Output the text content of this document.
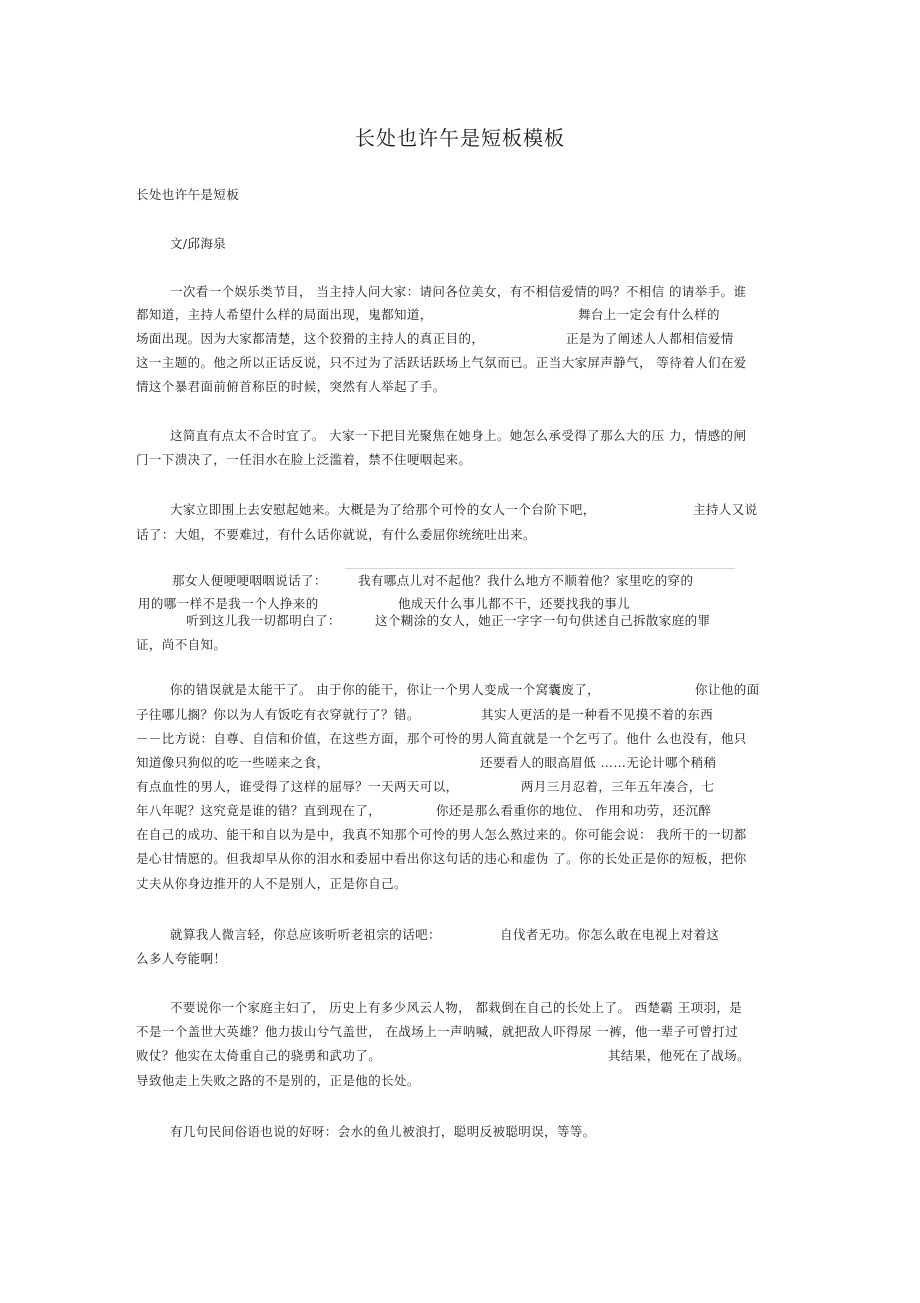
长处也许午是短板模板
长处也许午是短板
文/邱海泉
一次看一个娱乐类节目， 当主持人问大家：请问各位美女，有不相信爱情的吗？不相信 的请举手。谁
都知道，主持人希望什么样的局面出现，鬼都知道，	舞台上一定会有什么样的
场面出现。因为大家都清楚，这个狡猾的主持人的真正目的，	正是为了阐述人人都相信爱情
这一主题的。他之所以正话反说，只不过为了活跃话跃场上气氛而已。正当大家屏声静气， 等待着人们在爱
情这个暴君面前俯首称臣的时候，突然有人举起了手。
这简直有点太不合时宜了。 大家一下把目光聚焦在她身上。她怎么承受得了那么大的压 力，情感的闸
门一下溃决了，一任泪水在脸上泛滥着，禁不住哽咽起来。
大家立即围上去安慰起她来。大概是为了给那个可怜的女人一个台阶下吧，	主持人又说
话了：大姐，不要难过，有什么话你就说，有什么委屈你统统吐出来。
那女人便哽哽咽咽说话了： 我有哪点儿对不起他？我什么地方不顺着他？家里吃的穿的
用的哪一样不是我一个人挣来的	他成天什么事儿都不干，还要找我的事儿
听到这儿我一切都明白了：	这个糊涂的女人，她正一字字一句句供述自己拆散家庭的罪
证，尚不自知。
你的错误就是太能干了。 由于你的能干，你让一个男人变成一个窝囊废了，	你让他的面
子往哪儿搁？你以为人有饭吃有衣穿就行了？错。	其实人更活的是一种看不见摸不着的东西
－－比方说：自尊、自信和价值，在这些方面，那个可怜的男人简直就是一个乞丐了。他什 么也没有，他只
知道像只狗似的吃一些嗟来之食，	还要看人的眼高眉低 ……无论计哪个稍稍
有点血性的男人，谁受得了这样的屈辱？一天两天可以，	两月三月忍着，三年五年凑合，七
年八年呢？这究竟是谁的错？直到现在了，	你还是那么看重你的地位、 作用和功劳，还沉醉
在自己的成功、能干和自以为是中，我真不知那个可怜的男人怎么熬过来的。你可能会说： 我所干的一切都
是心甘情愿的。但我却早从你的泪水和委屈中看出你这句话的违心和虚伪 了。你的长处正是你的短板，把你
丈夫从你身边推开的人不是别人，正是你自己。
就算我人微言轻，你总应该听听老祖宗的话吧：	自伐者无功。你怎么敢在电视上对着这
么多人夸能啊！
不要说你一个家庭主妇了， 历史上有多少风云人物， 都栽倒在自己的长处上了。 西楚霸 王项羽，是
不是一个盖世大英雄？他力拔山兮气盖世， 在战场上一声呐喊，就把敌人吓得尿 一裤，他一辈子可曾打过
败仗？他实在太倚重自己的骁勇和武功了。	其结果，他死在了战场。
导致他走上失败之路的不是别的，正是他的长处。
有几句民间俗语也说的好呀：会水的鱼儿被浪打，聪明反被聪明误，等等。
